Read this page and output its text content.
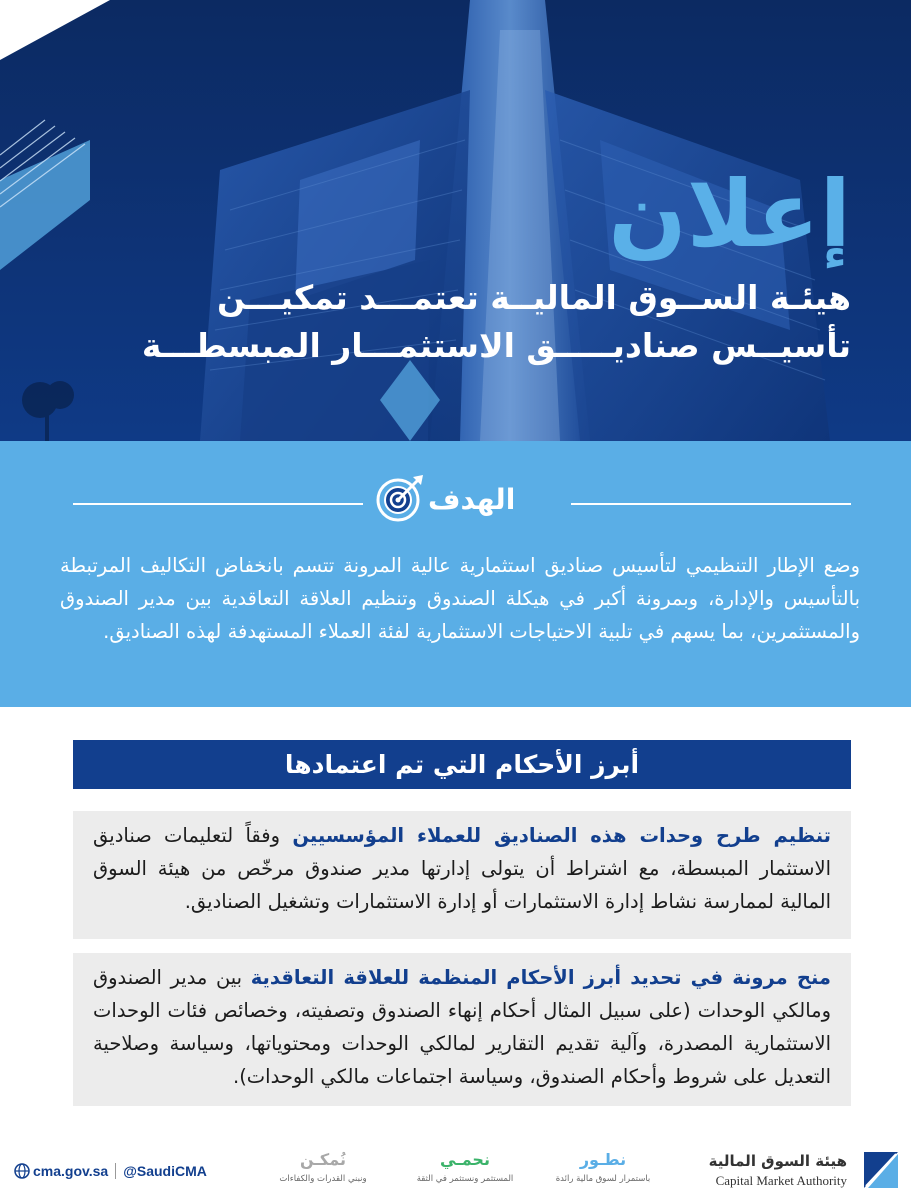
إعلان
هيئـة الســوق الماليــة تعتمـــد تمكيـــن
تأسيــس صناديـــــق الاستثمـــار المبسطـــة
الهدف
وضع الإطار التنظيمي لتأسيس صناديق استثمارية عالية المرونة تتسم بانخفاض التكاليف المرتبطة بالتأسيس والإدارة، وبمرونة أكبر في هيكلة الصندوق وتنظيم العلاقة التعاقدية بين مدير الصندوق والمستثمرين، بما يسهم في تلبية الاحتياجات الاستثمارية لفئة العملاء المستهدفة لهذه الصناديق.
أبرز الأحكام التي تم اعتمادها
تنظيم طرح وحدات هذه الصناديق للعملاء المؤسسيين وفقاً لتعليمات صناديق الاستثمار المبسطة، مع اشتراط أن يتولى إدارتها مدير صندوق مرخّص من هيئة السوق المالية لممارسة نشاط إدارة الاستثمارات أو إدارة الاستثمارات وتشغيل الصناديق.
منح مرونة في تحديد أبرز الأحكام المنظمة للعلاقة التعاقدية بين مدير الصندوق ومالكي الوحدات (على سبيل المثال أحكام إنهاء الصندوق وتصفيته، وخصائص فئات الوحدات الاستثمارية المصدرة، وآلية تقديم التقارير لمالكي الوحدات ومحتوياتها، وسياسة وصلاحية التعديل على شروط وأحكام الصندوق، وسياسة اجتماعات مالكي الوحدات).
هيئة السوق المالية
Capital Market Authority
نطـور
باستمرار لسوق مالية رائدة
نحمـي
المستثمر ونستثمر في الثقة
نُمكـن
ونبني القدرات والكفاءات
cma.gov.sa @SaudiCMA
